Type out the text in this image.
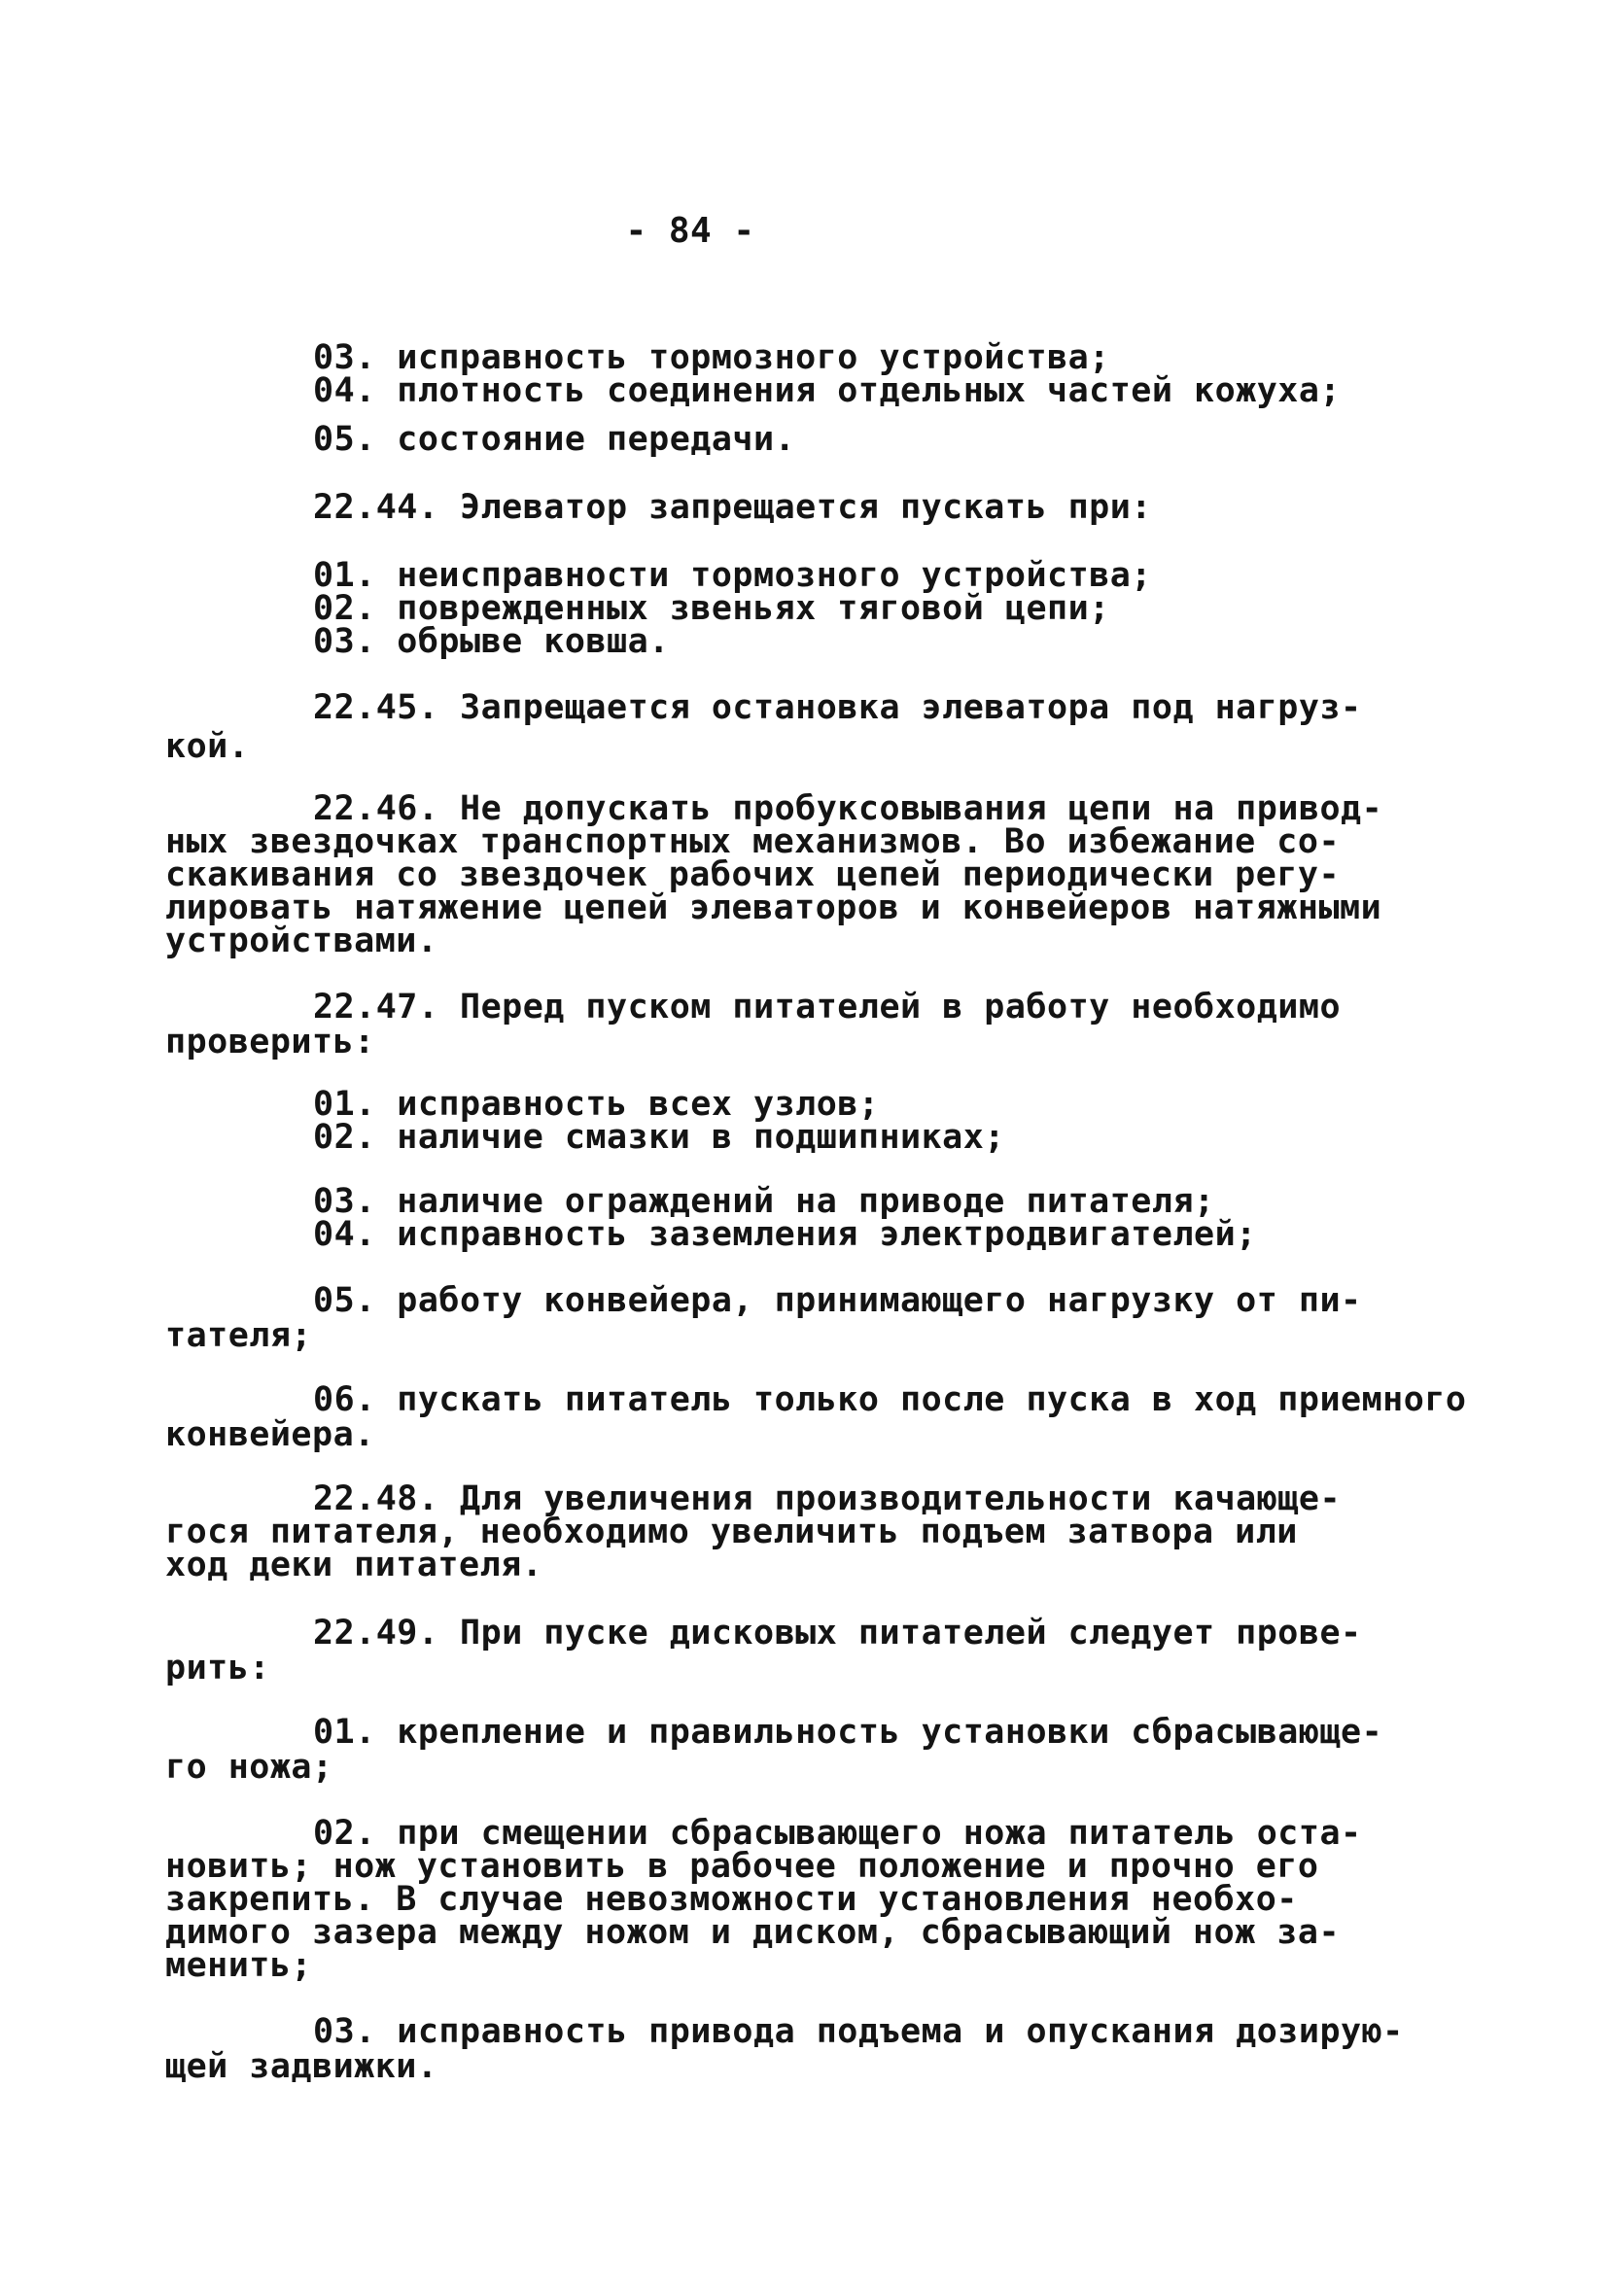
- 84 -
03. исправность тормозного устройства;
04. плотность соединения отдельных частей кожуха;
05. состояние передачи.
22.44. Элеватор запрещается пускать при:
01. неисправности тормозного устройства;
02. поврежденных звеньях тяговой цепи;
03. обрыве ковша.
22.45. Запрещается остановка элеватора под нагруз-
кой.
22.46. Не допускать пробуксовывания цепи на привод-
ных звездочках транспортных механизмов. Во избежание со-
скакивания со звездочек рабочих цепей периодически регу-
лировать натяжение цепей элеваторов и конвейеров натяжными
устройствами.
22.47. Перед пуском питателей в работу необходимо
проверить:
01. исправность всех узлов;
02. наличие смазки в подшипниках;
03. наличие ограждений на приводе питателя;
04. исправность заземления электродвигателей;
05. работу конвейера, принимающего нагрузку от пи-
тателя;
06. пускать питатель только после пуска в ход приемного
конвейера.
22.48. Для увеличения производительности качающе-
гося питателя, необходимо увеличить подъем затвора или
ход деки питателя.
22.49. При пуске дисковых питателей следует прове-
рить:
01. крепление и правильность установки сбрасывающе-
го ножа;
02. при смещении сбрасывающего ножа питатель оста-
новить; нож установить в рабочее положение и прочно его
закрепить. В случае невозможности установления необхо-
димого зазера между ножом и диском, сбрасывающий нож за-
менить;
03. исправность привода подъема и опускания дозирую-
щей задвижки.
